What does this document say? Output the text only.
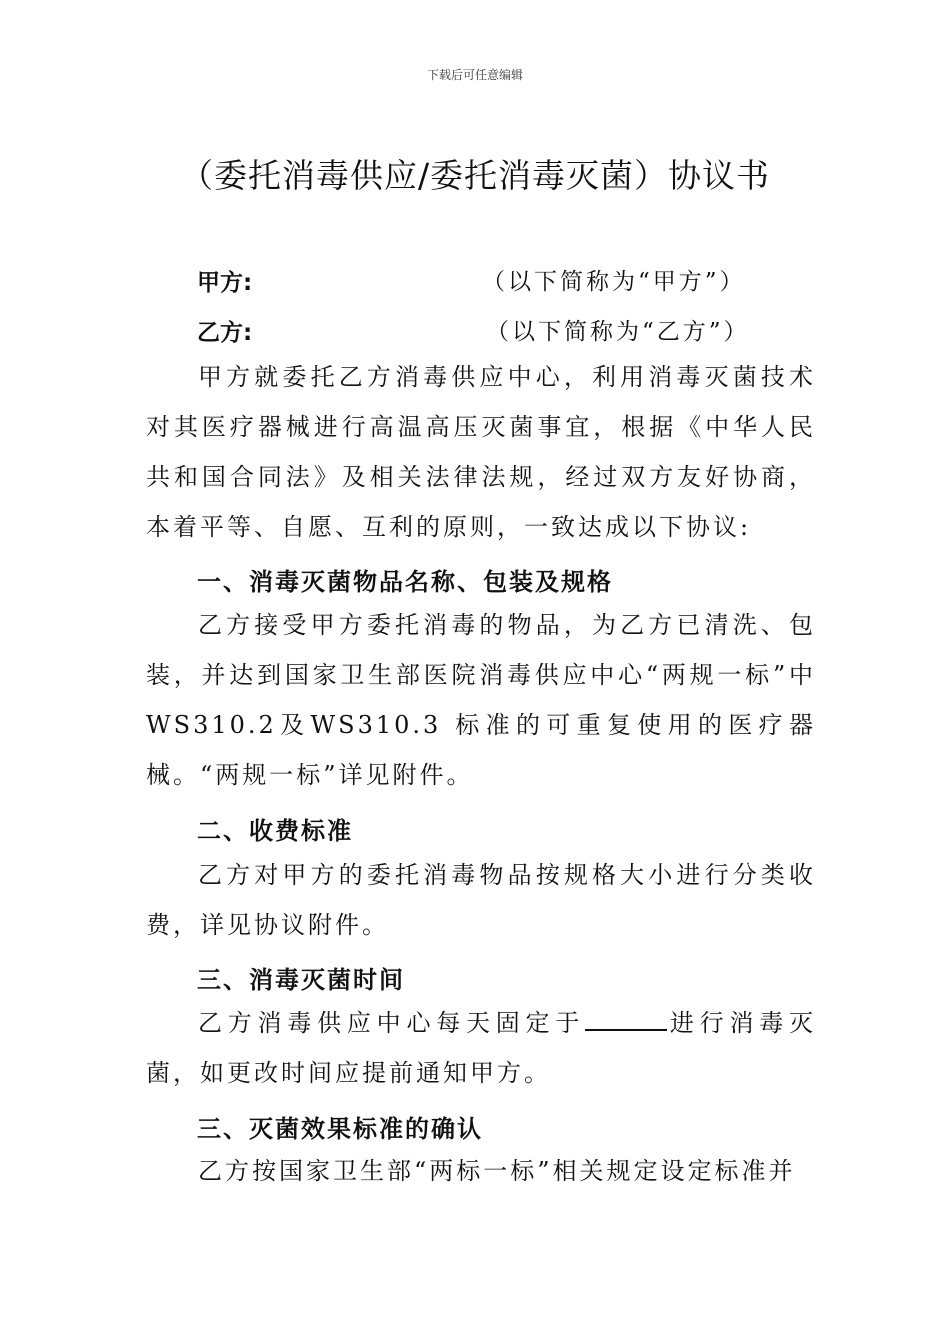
下载后可任意编辑
（委托消毒供应/委托消毒灭菌）协议书
甲方:	（以下简称为“甲方”）
乙方:	（以下简称为“乙方”）

甲方就委托乙方消毒供应中心，利用消毒灭菌技术对其医疗器械进行高温高压灭菌事宜，根据《中华人民共和国合同法》及相关法律法规，经过双方友好协商，本着平等、自愿、互利的原则，一致达成以下协议:

一、消毒灭菌物品名称、包装及规格

乙方接受甲方委托消毒的物品，为乙方已清洗、包装，并达到国家卫生部医院消毒供应中心“两规一标”中WS310.2及WS310.3 标准的可重复使用的医疗器械。“两规一标”详见附件。

二、收费标准

乙方对甲方的委托消毒物品按规格大小进行分类收费，详见协议附件。

三、消毒灭菌时间

乙方消毒供应中心每天固定于	进行消毒灭菌，如更改时间应提前通知甲方。

三、灭菌效果标准的确认

乙方按国家卫生部“两标一标”相关规定设定标准并
